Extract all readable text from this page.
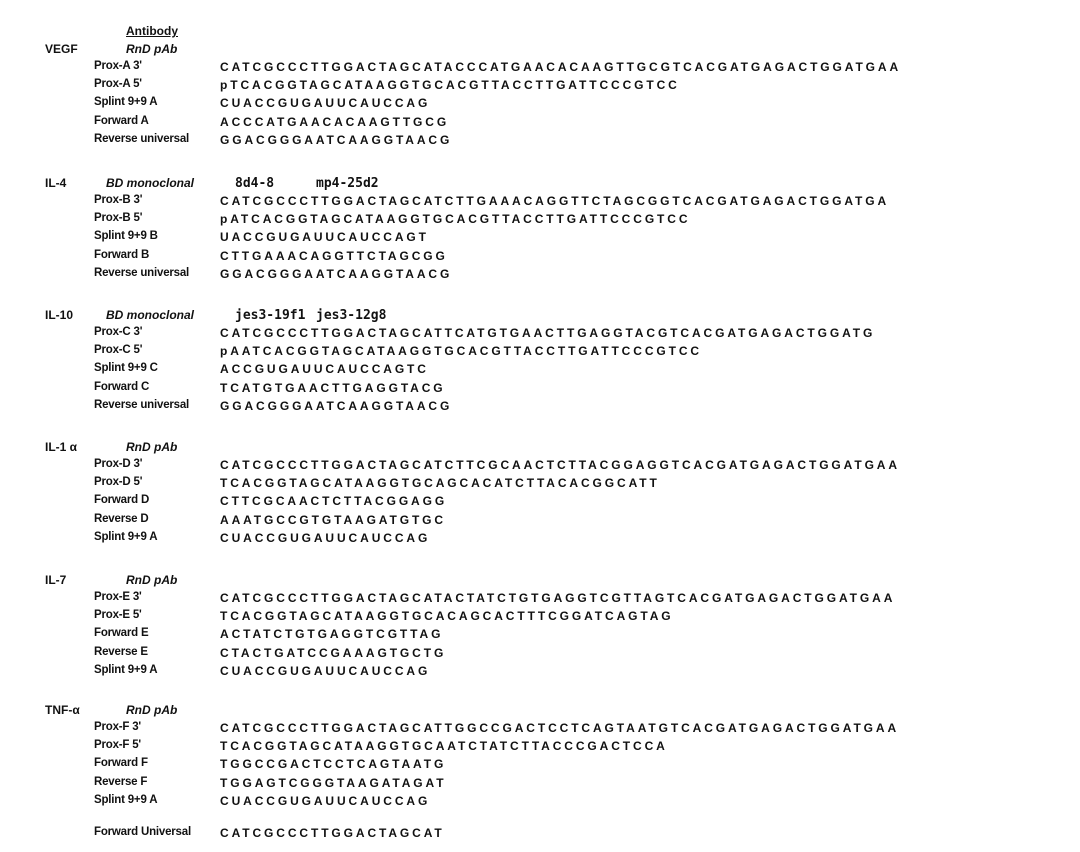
Antibody
VEGF	RnD pAb
Prox-A 3'	CATCGCCCTTGGACTAGCATACCCATGAACACAAGTTGCGTCACGATGAGACTGGATGAA
Prox-A 5'	pTCACGGTAGCATAAGGTGCACGTTACCTTGATTCCCGTCC
Splint 9+9 A	CUACCGUGAUUCAUCCAG
Forward A	ACCCATGAACACAAGTTGCG
Reverse universal	GGACGGGAATCAAGGTAACG
IL-4	BD monoclonal	8d4-8	mp4-25d2
Prox-B 3'	CATCGCCCTTGGACTAGCATCTTGAAACAGGTTCTAGCGGTCACGATGAGACTGGATGA
Prox-B 5'	pATCACGGTAGCATAAGGTGCACGTTACCTTGATTCCCGTCC
Splint 9+9 B	UACCGUGAUUCAUCCAGT
Forward B	CTTGAAACAGGTTCTAGCGG
Reverse universal	GGACGGGAATCAAGGTAACG
IL-10	BD monoclonal	jes3-19f1 jes3-12g8
Prox-C 3'	CATCGCCCTTGGACTAGCATTCATGTGAACTTGAGGTACGTCACGATGAGACTGGATG
Prox-C 5'	pAATCACGGTAGCATAAGGTGCACGTTACCTTGATTCCCGTCC
Splint 9+9 C	ACCGUGAUUCAUCCAGTC
Forward C	TCATGTGAACTTGAGGTACG
Reverse universal	GGACGGGAATCAAGGTAACG
IL-1 α	RnD pAb
Prox-D 3'	CATCGCCCTTGGACTAGCATCTTCGCAACTCTTACGGAGGTCACGATGAGACTGGATGAA
Prox-D 5'	TCACGGTAGCATAAGGTGCAGCACATCTTACACGGCATT
Forward D	CTTCGCAACTCTTACGGAGG
Reverse D	AAATGCCGTGTAAGATGTGC
Splint 9+9 A	CUACCGUGAUUCAUCCAG
IL-7	RnD pAb
Prox-E 3'	CATCGCCCTTGGACTAGCATACTATCTGTGAGGTCGTTAGTCACGATGAGACTGGATGAA
Prox-E 5'	TCACGGTAGCATAAGGTGCACAGCACTTTCGGATCAGTAG
Forward E	ACTATCTGTGAGGTCGTTAG
Reverse E	CTACTGATCCGAAAGTGCTG
Splint 9+9 A	CUACCGUGAUUCAUCCAG
TNF-α	RnD pAb
Prox-F 3'	CATCGCCCTTGGACTAGCATTGGCCGACTCCTCAGTAATGTCACGATGAGACTGGATGAA
Prox-F 5'	TCACGGTAGCATAAGGTGCAATCTATCTTACCCGACTCCA
Forward F	TGGCCGACTCCTCAGTAATG
Reverse F	TGGAGTCGGGTAAGATAGAT
Splint 9+9 A	CUACCGUGAUUCAUCCAG
Forward Universal CATCGCCCTTGGACTAGCAT
